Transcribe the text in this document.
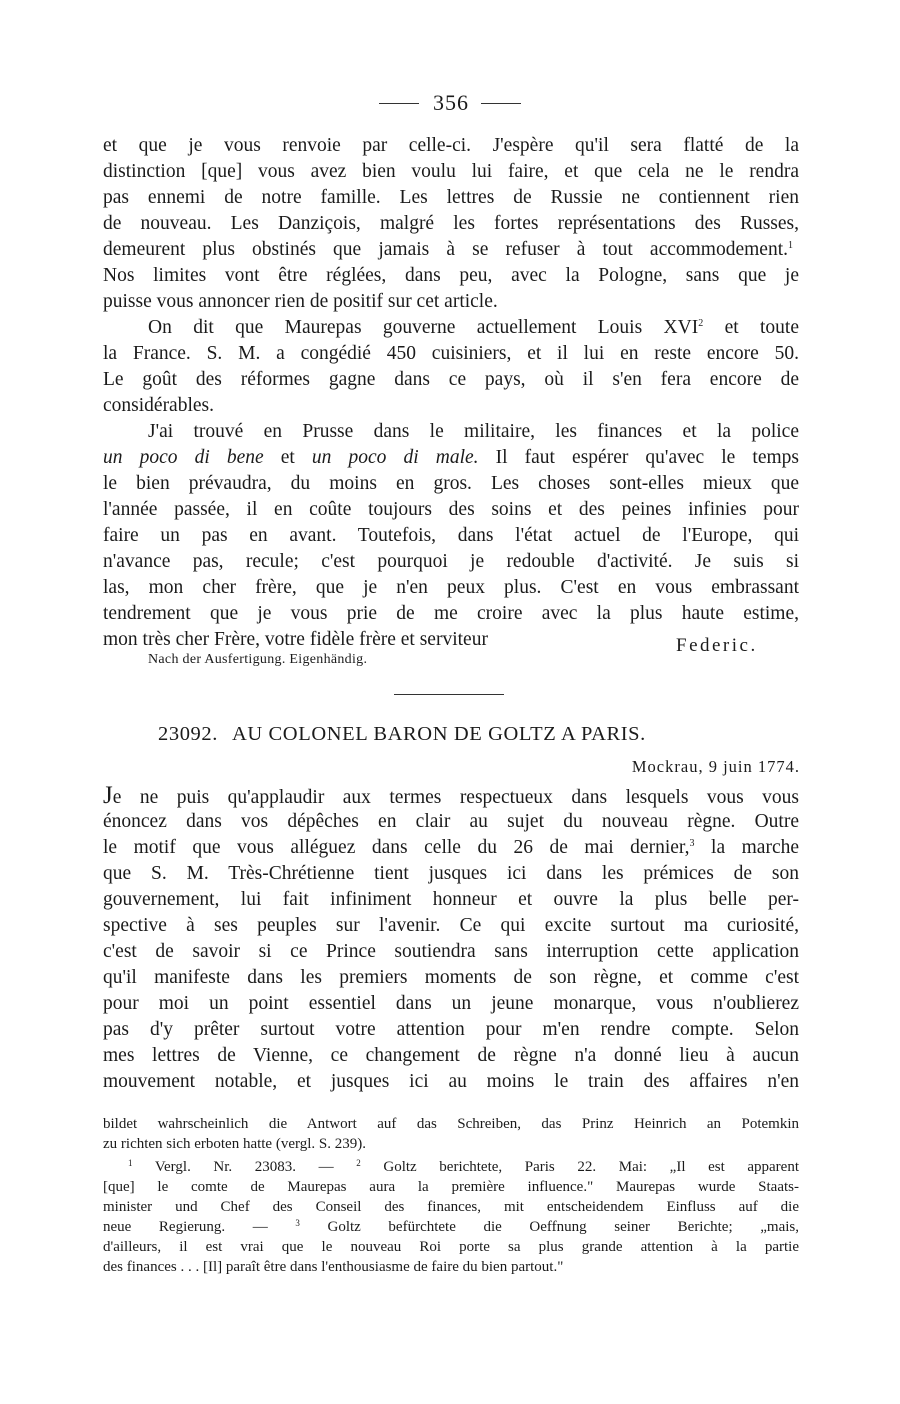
356
et que je vous renvoie par celle-ci. J'espère qu'il sera flatté de la
distinction [que] vous avez bien voulu lui faire, et que cela ne le rendra
pas ennemi de notre famille. Les lettres de Russie ne contiennent rien
de nouveau. Les Danziçois, malgré les fortes représentations des Russes,
demeurent plus obstinés que jamais à se refuser à tout accommodement.$^1$
Nos limites vont être réglées, dans peu, avec la Pologne, sans que je
puisse vous annoncer rien de positif sur cet article.
On dit que Maurepas gouverne actuellement Louis XVI$^2$ et toute
la France. S. M. a congédié 450 cuisiniers, et il lui en reste encore 50.
Le goût des réformes gagne dans ce pays, où il s'en fera encore de
considérables.
J'ai trouvé en Prusse dans le militaire, les finances et la police
un poco di bene et un poco di male. Il faut espérer qu'avec le temps
le bien prévaudra, du moins en gros. Les choses sont-elles mieux que
l'année passée, il en coûte toujours des soins et des peines infinies pour
faire un pas en avant. Toutefois, dans l'état actuel de l'Europe, qui
n'avance pas, recule; c'est pourquoi je redouble d'activité. Je suis si
las, mon cher frère, que je n'en peux plus. C'est en vous embrassant
tendrement que je vous prie de me croire avec la plus haute estime,
mon très cher Frère, votre fidèle frère et serviteur	Federic.
Nach der Ausfertigung. Eigenhändig.
23092. AU COLONEL BARON DE GOLTZ A PARIS.
Mockrau, 9 juin 1774.
Je ne puis qu'applaudir aux termes respectueux dans lesquels vous vous
énoncez dans vos dépêches en clair au sujet du nouveau règne. Outre
le motif que vous alléguez dans celle du 26 de mai dernier,$^3$ la marche
que S. M. Très-Chrétienne tient jusques ici dans les prémices de son
gouvernement, lui fait infiniment honneur et ouvre la plus belle per-
spective à ses peuples sur l'avenir. Ce qui excite surtout ma curiosité,
c'est de savoir si ce Prince soutiendra sans interruption cette application
qu'il manifeste dans les premiers moments de son règne, et comme c'est
pour moi un point essentiel dans un jeune monarque, vous n'oublierez
pas d'y prêter surtout votre attention pour m'en rendre compte. Selon
mes lettres de Vienne, ce changement de règne n'a donné lieu à aucun
mouvement notable, et jusques ici au moins le train des affaires n'en
bildet wahrscheinlich die Antwort auf das Schreiben, das Prinz Heinrich an Potemkin
zu richten sich erboten hatte (vergl. S. 239).
$^1$ Vergl. Nr. 23083. —	$^2$ Goltz berichtete, Paris 22. Mai: „Il est apparent
[que] le comte de Maurepas aura la première influence." Maurepas wurde Staats-
minister und Chef des Conseil des finances, mit entscheidendem Einfluss auf die
neue Regierung. —	$^3$ Goltz befürchtete die Oeffnung seiner Berichte; „mais,
d'ailleurs, il est vrai que le nouveau Roi porte sa plus grande attention à la partie
des finances . . . [Il] paraît être dans l'enthousiasme de faire du bien partout."
